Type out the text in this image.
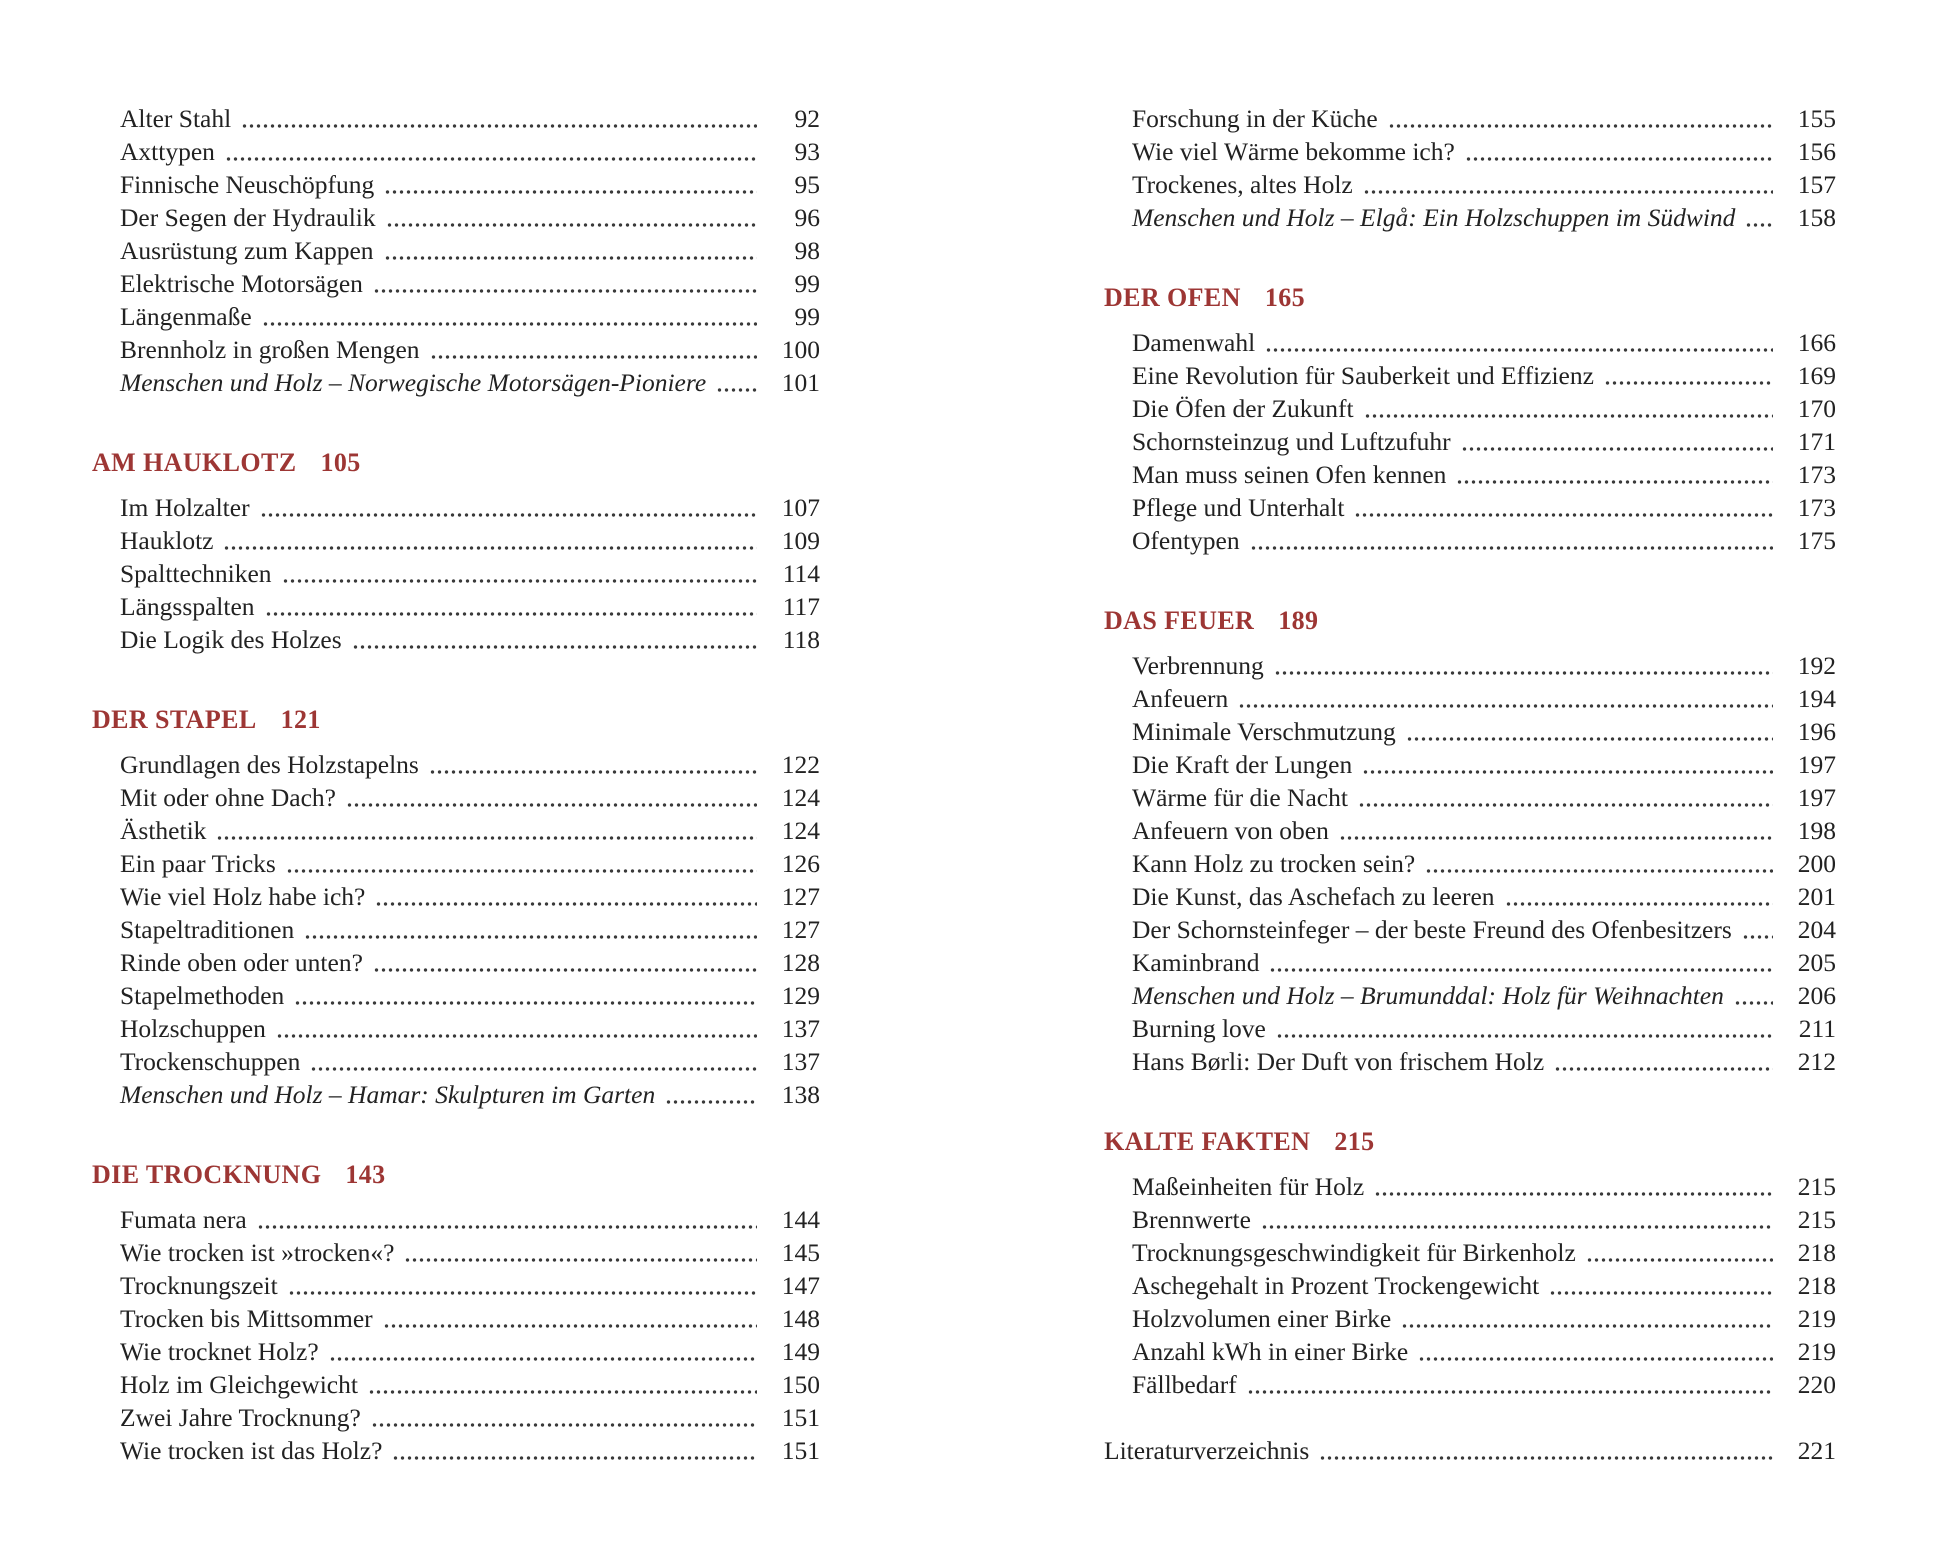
Alter Stahl	92
Axttypen	93
Finnische Neuschöpfung	95
Der Segen der Hydraulik	96
Ausrüstung zum Kappen	98
Elektrische Motorsägen	99
Längenmaße	99
Brennholz in großen Mengen	100
Menschen und Holz – Norwegische Motorsägen-Pioniere	101
AM HAUKLOTZ 105
Im Holzalter	107
Hauklotz	109
Spalttechniken	114
Längsspalten	117
Die Logik des Holzes	118
DER STAPEL 121
Grundlagen des Holzstapelns	122
Mit oder ohne Dach?	124
Ästhetik	124
Ein paar Tricks	126
Wie viel Holz habe ich?	127
Stapeltraditionen	127
Rinde oben oder unten?	128
Stapelmethoden	129
Holzschuppen	137
Trockenschuppen	137
Menschen und Holz – Hamar: Skulpturen im Garten	138
DIE TROCKNUNG 143
Fumata nera	144
Wie trocken ist »trocken«?	145
Trocknungszeit	147
Trocken bis Mittsommer	148
Wie trocknet Holz?	149
Holz im Gleichgewicht	150
Zwei Jahre Trocknung?	151
Wie trocken ist das Holz?	151
Forschung in der Küche	155
Wie viel Wärme bekomme ich?	156
Trockenes, altes Holz	157
Menschen und Holz – Elgå: Ein Holzschuppen im Südwind	158
DER OFEN 165
Damenwahl	166
Eine Revolution für Sauberkeit und Effizienz	169
Die Öfen der Zukunft	170
Schornsteinzug und Luftzufuhr	171
Man muss seinen Ofen kennen	173
Pflege und Unterhalt	173
Ofentypen	175
DAS FEUER 189
Verbrennung	192
Anfeuern	194
Minimale Verschmutzung	196
Die Kraft der Lungen	197
Wärme für die Nacht	197
Anfeuern von oben	198
Kann Holz zu trocken sein?	200
Die Kunst, das Aschefach zu leeren	201
Der Schornsteinfeger – der beste Freund des Ofenbesitzers	204
Kaminbrand	205
Menschen und Holz – Brumunddal: Holz für Weihnachten	206
Burning love	211
Hans Børli: Der Duft von frischem Holz	212
KALTE FAKTEN 215
Maßeinheiten für Holz	215
Brennwerte	215
Trocknungsgeschwindigkeit für Birkenholz	218
Aschegehalt in Prozent Trockengewicht	218
Holzvolumen einer Birke	219
Anzahl kWh in einer Birke	219
Fällbedarf	220
Literaturverzeichnis	221
